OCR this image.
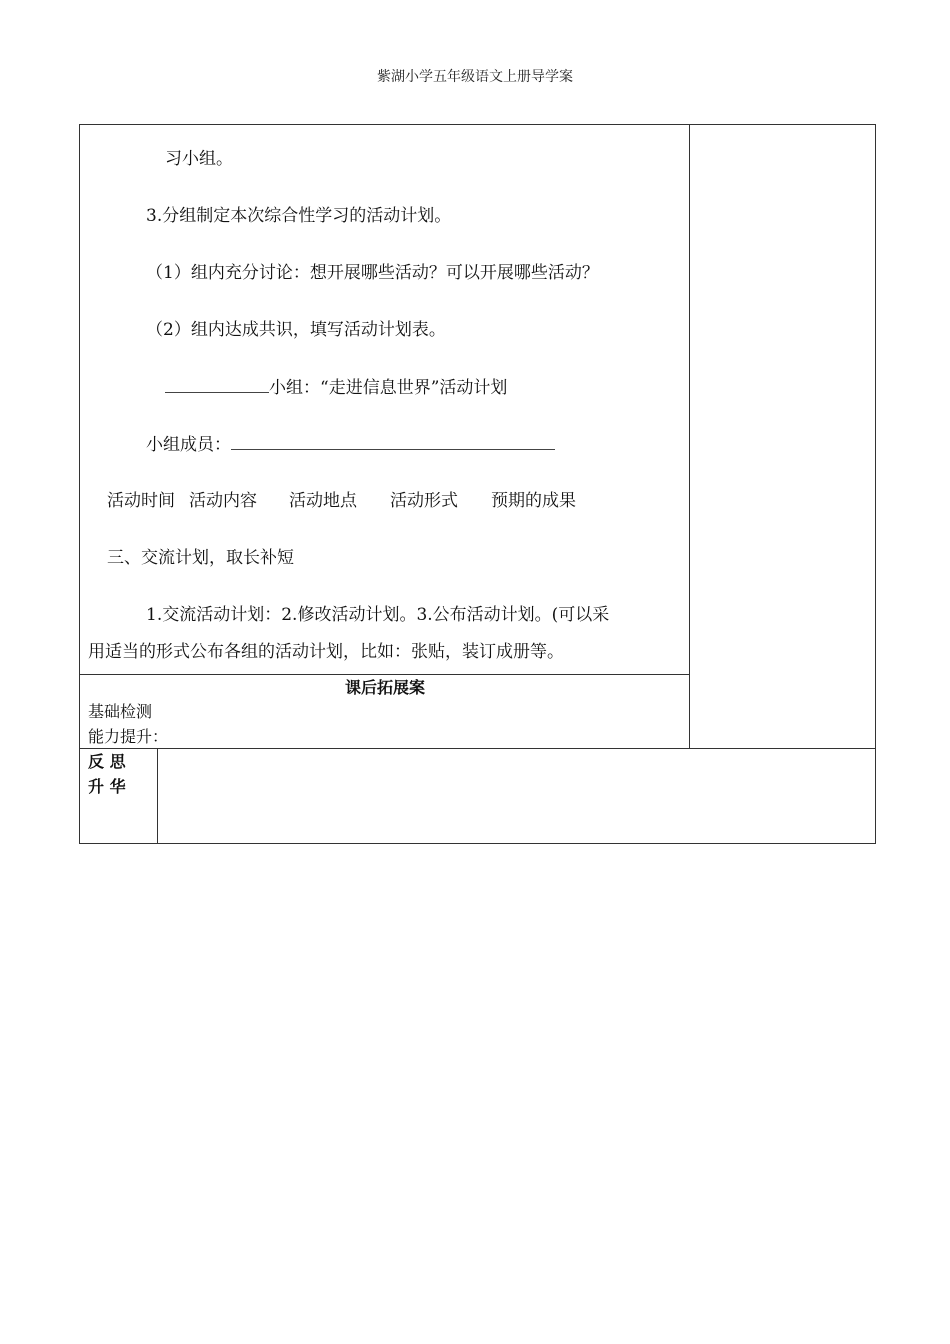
紫湖小学五年级语文上册导学案
习小组。
3.分组制定本次综合性学习的活动计划。
（1）组内充分讨论：想开展哪些活动？可以开展哪些活动？
（2）组内达成共识，填写活动计划表。
小组：“走进信息世界”活动计划
小组成员：
活动时间 活动内容 活动地点 活动形式 预期的成果
三、交流计划，取长补短
1.交流活动计划：2.修改活动计划。3.公布活动计划。(可以采
用适当的形式公布各组的活动计划，比如：张贴，装订成册等。
课后拓展案
基础检测
能力提升：
反 思
升 华
